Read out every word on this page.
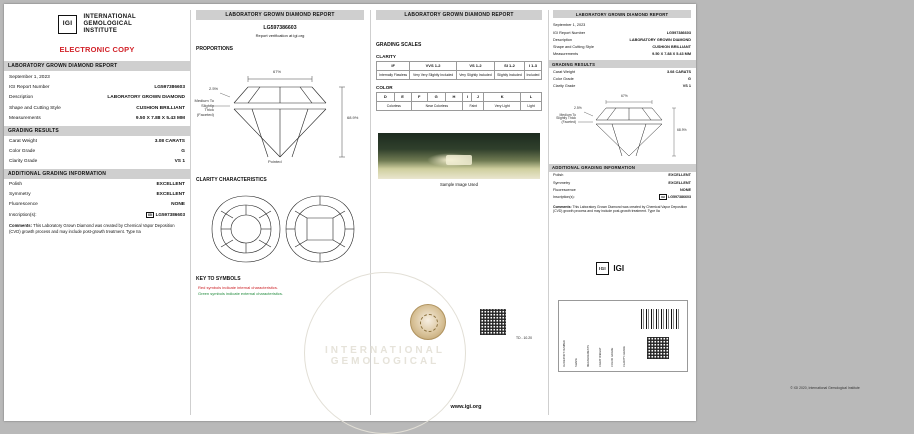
IGI

INTERNATIONAL
GEMOLOGICAL
INSTITUTE
ELECTRONIC COPY
LABORATORY GROWN DIAMOND REPORT
September 1, 2023
IGI Report Number	LG597386603
Description	LABORATORY GROWN DIAMOND
Shape and Cutting Style	CUSHION BRILLIANT
Measurements	9.50 X 7.88 X 5.43 MM
GRADING RESULTS
Carat Weight	3.08 CARATS
Color Grade	G
Clarity Grade	VS 1
ADDITIONAL GRADING INFORMATION
Polish	EXCELLENT
Symmetry	EXCELLENT
Fluorescence	NONE
Inscription(s):	IGI LG597386603
Comments: This Laboratory Grown Diamond was created by Chemical Vapor Deposition (CVD) growth process and may include post-growth treatment. Type IIa
LABORATORY GROWN DIAMOND REPORT
LG597386603
Report verification at igi.org
PROPORTIONS
67%
68.9%
2.5%
Medium To
Slightly Thick
(Faceted)
Pointed
CLARITY CHARACTERISTICS
KEY TO SYMBOLS
Red symbols indicate internal characteristics.
Green symbols indicate external characteristics.
www.igi.org
LABORATORY GROWN DIAMOND REPORT
GRADING SCALES
CLARITY
IF	VVS 1-2	VS 1-2	SI 1-2	I 1-3
Internally Flawless	Very Very Slightly Included	Very Slightly Included	Slightly Included	Included
COLOR
D	E	F	G	H	I	J	K	L
Colorless		Near Colorless			Faint		Very Light	Light
Sample Image Used
TD - 10.20
© IGI 2020, International Gemological Institute
LABORATORY GROWN DIAMOND REPORT
September 1, 2023
IGI Report Number	LG597386603
Description	LABORATORY GROWN DIAMOND
Shape and Cutting Style	CUSHION BRILLIANT
Measurements	9.50 X 7.88 X 5.43 MM
GRADING RESULTS
Carat Weight	3.08 CARATS
Color Grade	G
Clarity Grade	VS 1
67%
68.9%
2.5%
Medium To
Slightly Thick
(Faceted)
ADDITIONAL GRADING INFORMATION
Polish	EXCELLENT
Symmetry	EXCELLENT
Fluorescence	NONE
Inscription(s):	IGI LG597386603
Comments: This Laboratory Grown Diamond was created by Chemical Vapor Deposition (CVD) growth process and may include post-growth treatment. Type IIa
IGI IGI
IGI REPORT NUMBER	SHAPE	MEASUREMENTS	CARAT WEIGHT	COLOR GRADE	CLARITY GRADE
INTERNATIONAL GEMOLOGICAL
